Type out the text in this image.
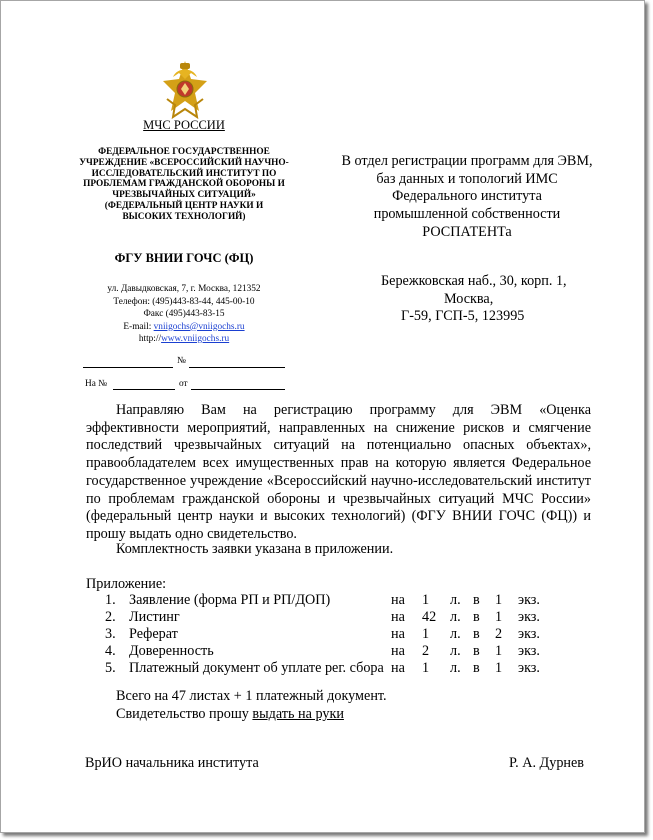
МЧС РОССИИ
ФЕДЕРАЛЬНОЕ ГОСУДАРСТВЕННОЕ УЧРЕЖДЕНИЕ «ВСЕРОССИЙСКИЙ НАУЧНО-ИССЛЕДОВАТЕЛЬСКИЙ ИНСТИТУТ ПО ПРОБЛЕМАМ ГРАЖДАНСКОЙ ОБОРОНЫ И ЧРЕЗВЫЧАЙНЫХ СИТУАЦИЙ» (ФЕДЕРАЛЬНЫЙ ЦЕНТР НАУКИ И ВЫСОКИХ ТЕХНОЛОГИЙ)
ФГУ ВНИИ ГОЧС (ФЦ)
ул. Давыдковская, 7, г. Москва, 121352
Телефон: (495)443-83-44, 445-00-10
Факс (495)443-83-15
E-mail: vniigochs@vniigochs.ru
http://www.vniigochs.ru
№
На №	от
В отдел регистрации программ для ЭВМ,
баз данных и топологий ИМС
Федерального института
промышленной собственности
РОСПАТЕНТа
Бережковская наб., 30, корп. 1,
Москва,
Г-59, ГСП-5, 123995
Направляю Вам на регистрацию программу для ЭВМ «Оценка эффективности мероприятий, направленных на снижение рисков и смягчение последствий чрезвычайных ситуаций на потенциально опасных объектах», правообладателем всех имущественных прав на которую является Федеральное государственное учреждение «Всероссийский научно-исследовательский институт по проблемам гражданской обороны и чрезвычайных ситуаций МЧС России» (федеральный центр науки и высоких технологий) (ФГУ ВНИИ ГОЧС (ФЦ)) и прошу выдать одно свидетельство.
Комплектность заявки указана в приложении.
Приложение:
1. Заявление (форма РП и РП/ДОП)	на 1 л. в 1 экз.
2. Листинг	на 42 л. в 1 экз.
3. Реферат	на 1 л. в 2 экз.
4. Доверенность	на 2 л. в 1 экз.
5. Платежный документ об уплате рег. сбора на 1 л. в 1 экз.
Всего на 47 листах + 1 платежный документ.
Свидетельство прошу выдать на руки
ВрИО начальника института	Р. А. Дурнев
